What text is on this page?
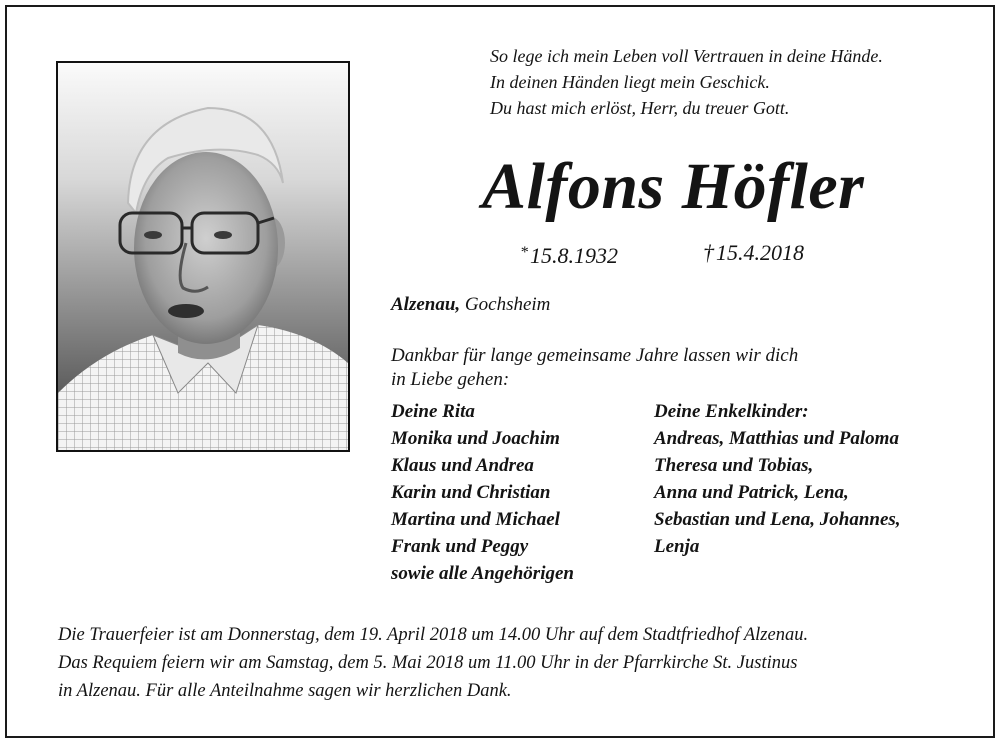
So lege ich mein Leben voll Vertrauen in deine Hände.
In deinen Händen liegt mein Geschick.
Du hast mich erlöst, Herr, du treuer Gott.
Alfons Höfler
*15.8.1932	†15.4.2018
Alzenau, Gochsheim
Dankbar für lange gemeinsame Jahre lassen wir dich
in Liebe gehen:
Deine Rita
Monika und Joachim
Klaus und Andrea
Karin und Christian
Martina und Michael
Frank und Peggy
sowie alle Angehörigen
Deine Enkelkinder:
Andreas, Matthias und Paloma
Theresa und Tobias,
Anna und Patrick, Lena,
Sebastian und Lena, Johannes,
Lenja
Die Trauerfeier ist am Donnerstag, dem 19. April 2018 um 14.00 Uhr auf dem Stadtfriedhof Alzenau.
Das Requiem feiern wir am Samstag, dem 5. Mai 2018 um 11.00 Uhr in der Pfarrkirche St. Justinus
in Alzenau. Für alle Anteilnahme sagen wir herzlichen Dank.
